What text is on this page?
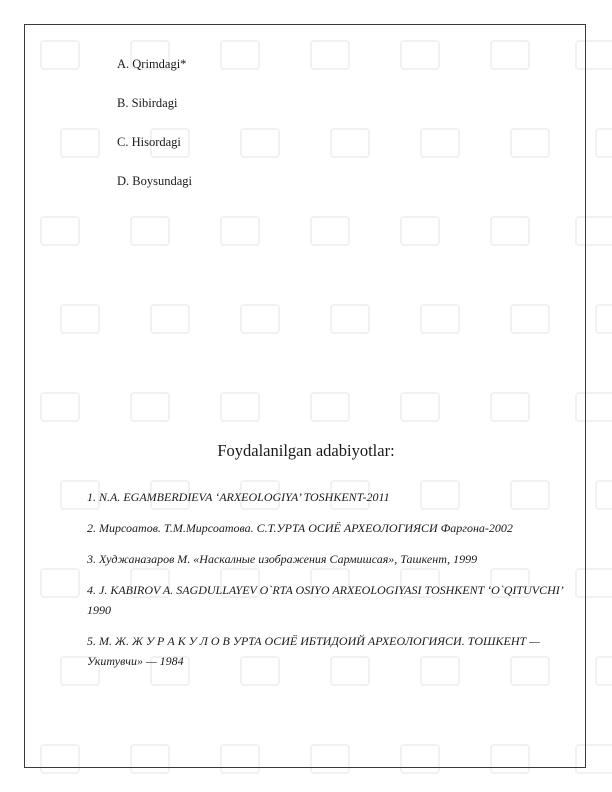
A. Qrimdagi*
B. Sibirdagi
C. Hisordagi
D. Boysundagi
Foydalanilgan adabiyotlar:
1. N.A. EGAMBERDIEVA ‘ARXEOLOGIYA’ TOSHKENT-2011
2. Мирсоатов. Т.М.Мирсоатова. С.Т.УРТА ОСИЁ АРХЕОЛОГИЯСИ Фаргона-2002
3. Худжаназаров М. «Наскалные изображения Сармишсая», Ташкент, 1999
4. J. KABIROV A. SAGDULLAYEV O`RTA OSIYO ARXEOLOGIYASI TOSHKENT ‘O`QITUVCHI’ 1990
5. M. Ж. Ж У Р А К У Л О В УРТА ОСИЁ ИБТИДОИЙ АРХЕОЛОГИЯСИ. ТОШКЕНТ —Укитувчи» — 1984
